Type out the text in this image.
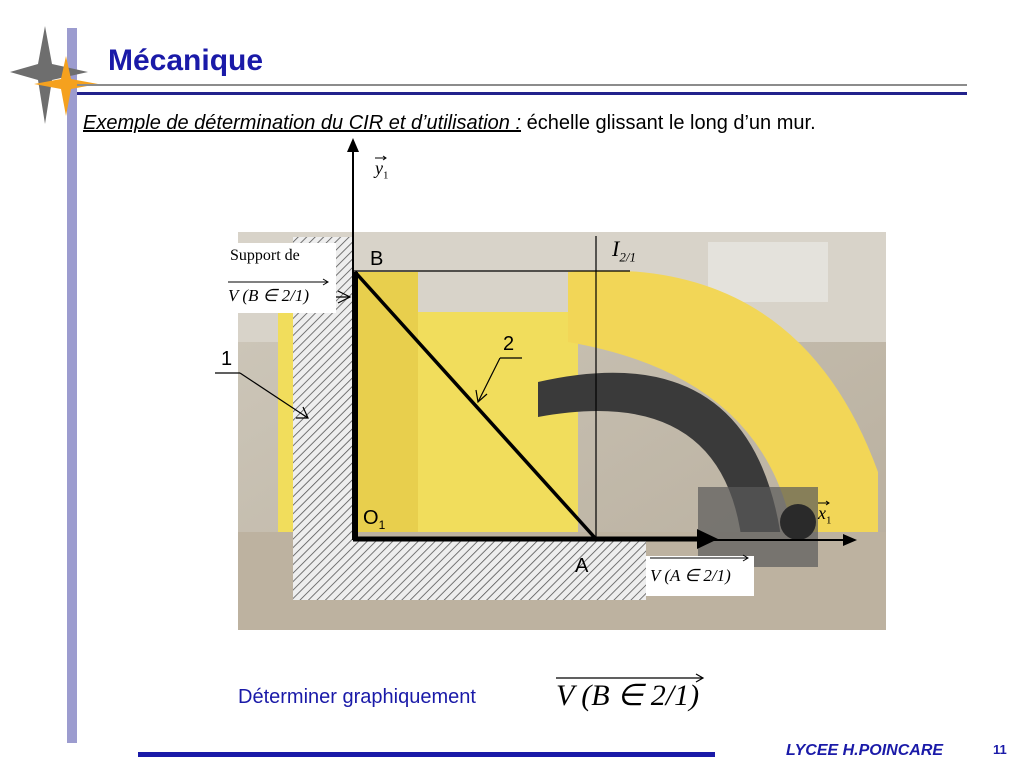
Mécanique
Exemple de détermination du CIR et d’utilisation : échelle glissant le long d’un mur.
$y_1$
$x_1$
B
A
$O_1$
$I_{2/1}$
1
2
Support de
V (B ∈ 2/1)
V (A ∈ 2/1)
Déterminer graphiquement	V (B ∈ 2/1)
LYCEE H.POINCARE	11
